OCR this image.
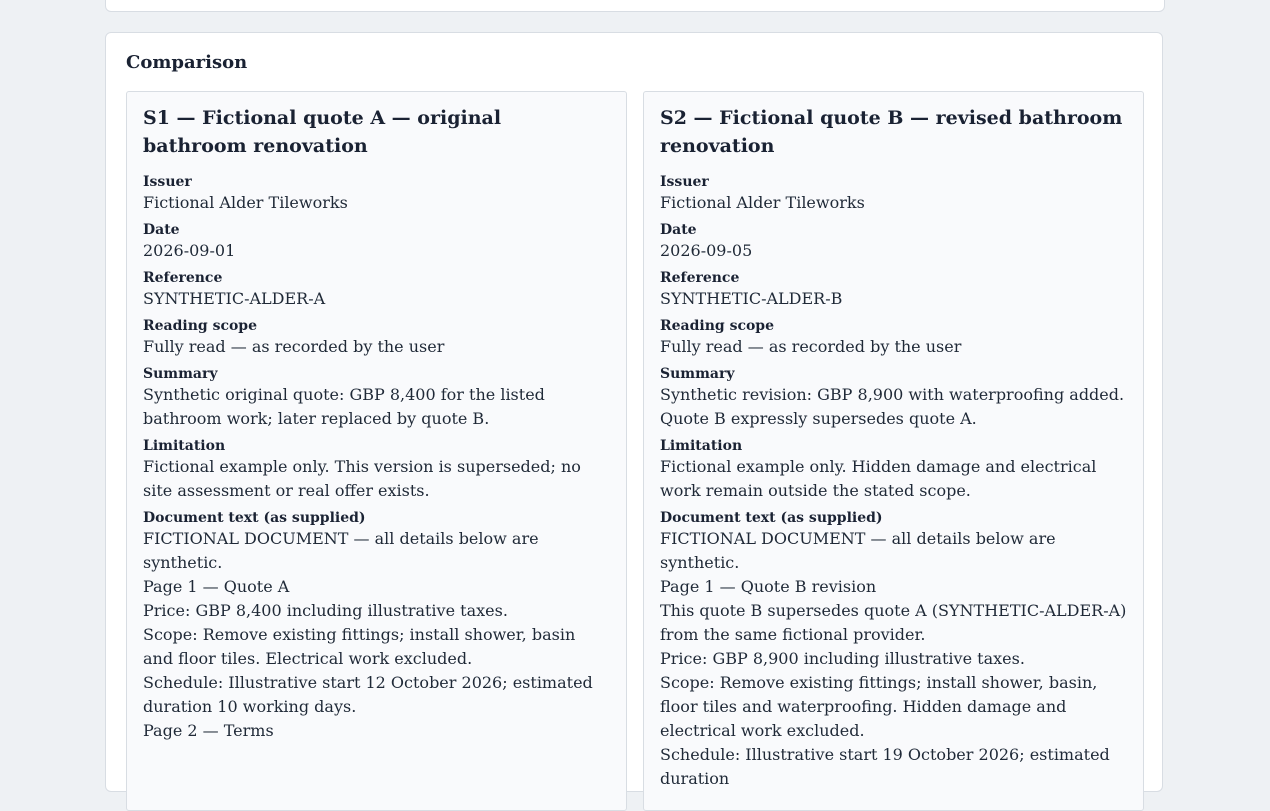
Comparison
S1 — Fictional quote A — original bathroom renovation
Issuer
Fictional Alder Tileworks
Date
2026-09-01
Reference
SYNTHETIC-ALDER-A
Reading scope
Fully read — as recorded by the user
Summary
Synthetic original quote: GBP 8,400 for the listed bathroom work; later replaced by quote B.
Limitation
Fictional example only. This version is superseded; no site assessment or real offer exists.
Document text (as supplied)
FICTIONAL DOCUMENT — all details below are synthetic.
Page 1 — Quote A
Price: GBP 8,400 including illustrative taxes.
Scope: Remove existing fittings; install shower, basin and floor tiles. Electrical work excluded.
Schedule: Illustrative start 12 October 2026; estimated duration 10 working days.
Page 2 — Terms
S2 — Fictional quote B — revised bathroom renovation
Issuer
Fictional Alder Tileworks
Date
2026-09-05
Reference
SYNTHETIC-ALDER-B
Reading scope
Fully read — as recorded by the user
Summary
Synthetic revision: GBP 8,900 with waterproofing added. Quote B expressly supersedes quote A.
Limitation
Fictional example only. Hidden damage and electrical work remain outside the stated scope.
Document text (as supplied)
FICTIONAL DOCUMENT — all details below are synthetic.
Page 1 — Quote B revision
This quote B supersedes quote A (SYNTHETIC-ALDER-A) from the same fictional provider.
Price: GBP 8,900 including illustrative taxes.
Scope: Remove existing fittings; install shower, basin, floor tiles and waterproofing. Hidden damage and electrical work excluded.
Schedule: Illustrative start 19 October 2026; estimated duration
